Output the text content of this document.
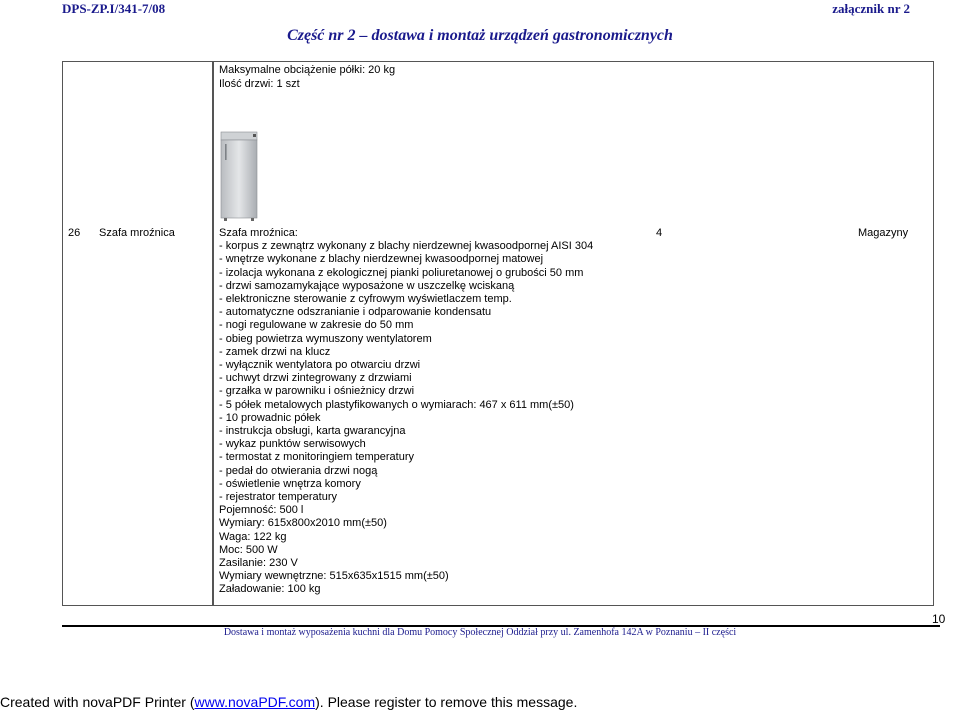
DPS-ZP.I/341-7/08	załącznik nr 2
Część nr 2 – dostawa i montaż urządzeń gastronomicznych
Maksymalne obciążenie półki: 20 kg
Ilość drzwi: 1 szt
26 Szafa mroźnica	4	Magazyny
Szafa mroźnica:
- korpus z zewnątrz wykonany z blachy nierdzewnej kwasoodpornej AISI 304
- wnętrze wykonane z blachy nierdzewnej kwasoodpornej matowej
- izolacja wykonana z ekologicznej pianki poliuretanowej o grubości 50 mm
- drzwi samozamykające wyposażone w uszczelkę wciskaną
- elektroniczne sterowanie z cyfrowym wyświetlaczem temp.
- automatyczne odszranianie i odparowanie kondensatu
- nogi regulowane w zakresie do 50 mm
- obieg powietrza wymuszony wentylatorem
- zamek drzwi na klucz
- wyłącznik wentylatora po otwarciu drzwi
- uchwyt drzwi zintegrowany z drzwiami
- grzałka w parowniku i ośnieżnicy drzwi
- 5 półek metalowych plastyfikowanych o wymiarach: 467 x 611 mm(±50)
- 10 prowadnic półek
- instrukcja obsługi, karta gwarancyjna
- wykaz punktów serwisowych
- termostat z monitoringiem temperatury
- pedał do otwierania drzwi nogą
- oświetlenie wnętrza komory
- rejestrator temperatury
Pojemność: 500 l
Wymiary: 615x800x2010 mm(±50)
Waga: 122 kg
Moc: 500 W
Zasilanie: 230 V
Wymiary wewnętrzne: 515x635x1515 mm(±50)
Załadowanie: 100 kg
10
Dostawa i montaż wyposażenia kuchni dla Domu Pomocy Społecznej Oddział przy ul. Zamenhofa 142A w Poznaniu – II części
Created with novaPDF Printer (www.novaPDF.com). Please register to remove this message.
